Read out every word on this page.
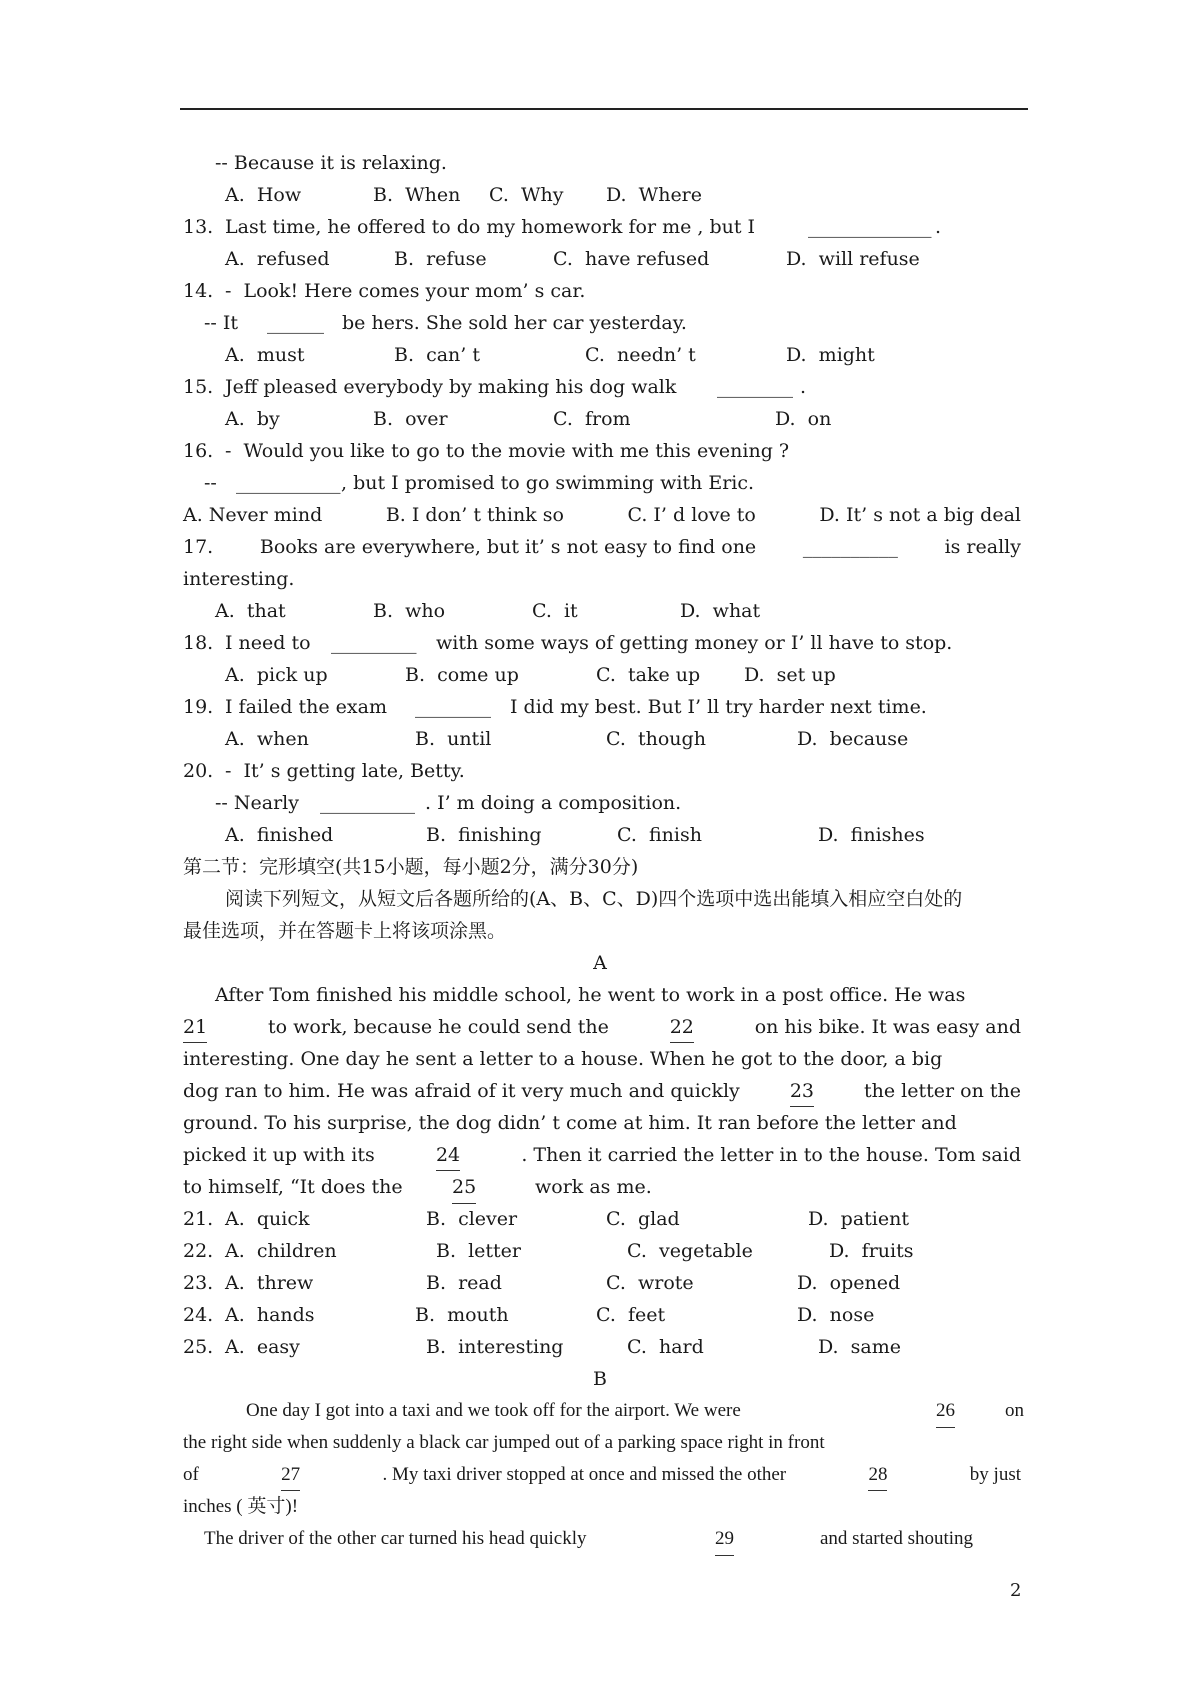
-- Because it is relaxing.
A.  How	B.  When C.  Why D.  Where
13. Last time, he offered to do my homework for me , but I	_____________ .
A.  refused	B.  refuse	C.  have refused	D.  will refuse
14. -  Look! Here comes your mom’ s car.
-- It ______ be hers. She sold her car yesterday.
A.  must	B.  can’ t	C.  needn’ t	D.  might
15. Jeff pleased everybody by making his dog walk ________ .
A.  by	B.  over	C.  from	D.  on
16. -  Would you like to go to the movie with me this evening ?
-- ___________ , but I promised to go swimming with Eric.
A. Never mind	B. I don’ t think so	C. I’ d love to	D. It’ s not a big deal
17. Books are everywhere, but it’ s not easy to find one __________ is really
interesting.
A.  that	B.  who	C.  it	D.  what
18. I need to _________ with some ways of getting money or I’ ll have to stop.
A.  pick up	B.  come up	C.  take up D.  set up
19. I failed the exam ________ I did my best. But I’ ll try harder next time.
A.  when	B.  until	C.  though	D.  because
20. -  It’ s getting late, Betty.
-- Nearly __________ . I’ m doing a composition.
A.  finished	B.  finishing	C.  finish	D.  finishes
第二节：完形填空(共15小题，每小题2分，满分30分)
阅读下列短文，从短文后各题所给的(A、B、C、D)四个选项中选出能填入相应空白处的
最佳选项，并在答题卡上将该项涂黑。
A
After Tom finished his middle school, he went to work in a post office. He was
21	to work, because he could send the	22	on his bike. It was easy and
interesting. One day he sent a letter to a house. When he got to the door, a big
dog ran to him. He was afraid of it very much and quickly	23	the letter on the
ground. To his surprise, the dog didn’ t come at him. It ran before the letter and
picked it up with its	24	. Then it carried the letter in to the house. Tom said
to himself, “It does the	25	work as me.
21. A.  quick	B.  clever	C.  glad	D.  patient
22. A.  children	B.  letter	C.  vegetable	D.  fruits
23. A.  threw	B.  read	C.  wrote	D.  opened
24. A.  hands	B.  mouth	C.  feet	D.  nose
25. A.  easy	B.  interesting	C.  hard	D.  same
B
One day I got into a taxi and we took off for the airport. We were	26	on
the right side when suddenly a black car jumped out of a parking space right in front
of	27	. My taxi driver stopped at once and missed the other	28	by just
inches ( 英寸)!
The driver of the other car turned his head quickly	29	and started shouting
2
